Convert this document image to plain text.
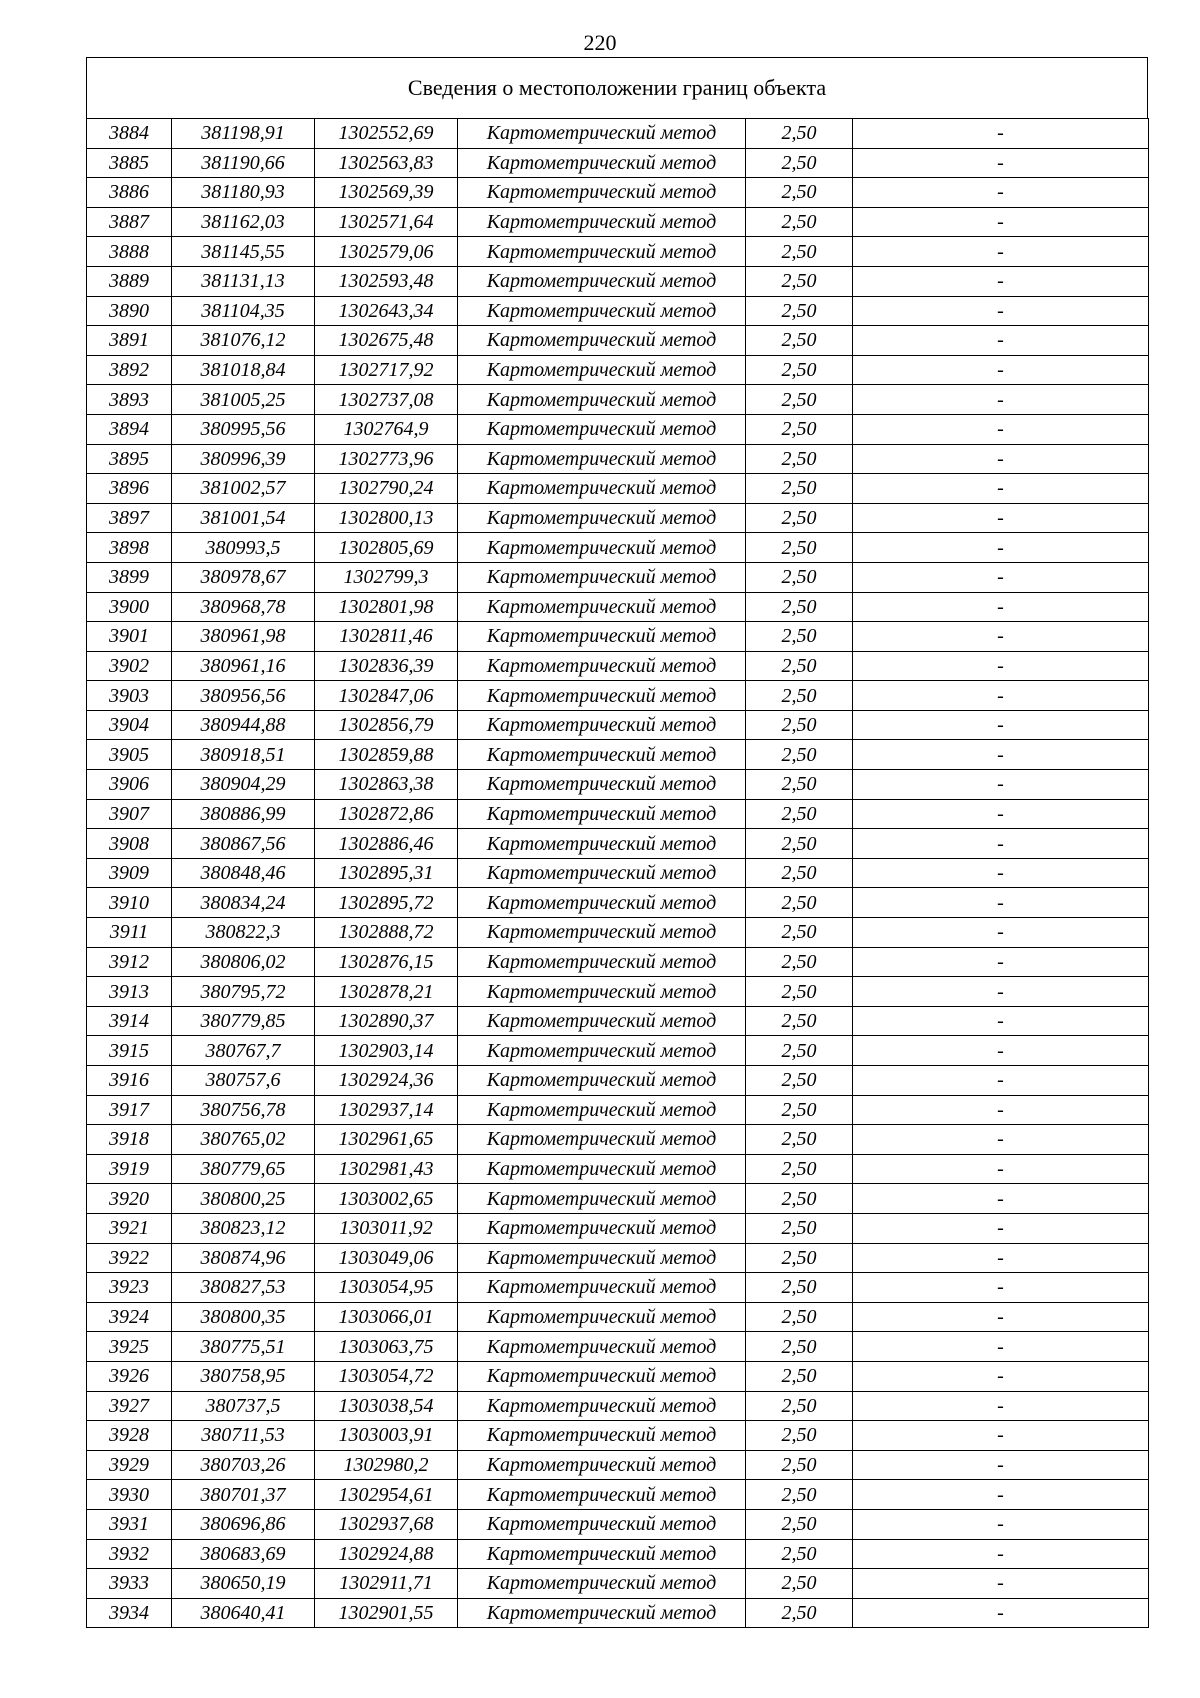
220
Сведения о местоположении границ объекта
3884	381198,91	1302552,69	Картометрический метод	2,50	-
3885	381190,66	1302563,83	Картометрический метод	2,50	-
3886	381180,93	1302569,39	Картометрический метод	2,50	-
3887	381162,03	1302571,64	Картометрический метод	2,50	-
3888	381145,55	1302579,06	Картометрический метод	2,50	-
3889	381131,13	1302593,48	Картометрический метод	2,50	-
3890	381104,35	1302643,34	Картометрический метод	2,50	-
3891	381076,12	1302675,48	Картометрический метод	2,50	-
3892	381018,84	1302717,92	Картометрический метод	2,50	-
3893	381005,25	1302737,08	Картометрический метод	2,50	-
3894	380995,56	1302764,9	Картометрический метод	2,50	-
3895	380996,39	1302773,96	Картометрический метод	2,50	-
3896	381002,57	1302790,24	Картометрический метод	2,50	-
3897	381001,54	1302800,13	Картометрический метод	2,50	-
3898	380993,5	1302805,69	Картометрический метод	2,50	-
3899	380978,67	1302799,3	Картометрический метод	2,50	-
3900	380968,78	1302801,98	Картометрический метод	2,50	-
3901	380961,98	1302811,46	Картометрический метод	2,50	-
3902	380961,16	1302836,39	Картометрический метод	2,50	-
3903	380956,56	1302847,06	Картометрический метод	2,50	-
3904	380944,88	1302856,79	Картометрический метод	2,50	-
3905	380918,51	1302859,88	Картометрический метод	2,50	-
3906	380904,29	1302863,38	Картометрический метод	2,50	-
3907	380886,99	1302872,86	Картометрический метод	2,50	-
3908	380867,56	1302886,46	Картометрический метод	2,50	-
3909	380848,46	1302895,31	Картометрический метод	2,50	-
3910	380834,24	1302895,72	Картометрический метод	2,50	-
3911	380822,3	1302888,72	Картометрический метод	2,50	-
3912	380806,02	1302876,15	Картометрический метод	2,50	-
3913	380795,72	1302878,21	Картометрический метод	2,50	-
3914	380779,85	1302890,37	Картометрический метод	2,50	-
3915	380767,7	1302903,14	Картометрический метод	2,50	-
3916	380757,6	1302924,36	Картометрический метод	2,50	-
3917	380756,78	1302937,14	Картометрический метод	2,50	-
3918	380765,02	1302961,65	Картометрический метод	2,50	-
3919	380779,65	1302981,43	Картометрический метод	2,50	-
3920	380800,25	1303002,65	Картометрический метод	2,50	-
3921	380823,12	1303011,92	Картометрический метод	2,50	-
3922	380874,96	1303049,06	Картометрический метод	2,50	-
3923	380827,53	1303054,95	Картометрический метод	2,50	-
3924	380800,35	1303066,01	Картометрический метод	2,50	-
3925	380775,51	1303063,75	Картометрический метод	2,50	-
3926	380758,95	1303054,72	Картометрический метод	2,50	-
3927	380737,5	1303038,54	Картометрический метод	2,50	-
3928	380711,53	1303003,91	Картометрический метод	2,50	-
3929	380703,26	1302980,2	Картометрический метод	2,50	-
3930	380701,37	1302954,61	Картометрический метод	2,50	-
3931	380696,86	1302937,68	Картометрический метод	2,50	-
3932	380683,69	1302924,88	Картометрический метод	2,50	-
3933	380650,19	1302911,71	Картометрический метод	2,50	-
3934	380640,41	1302901,55	Картометрический метод	2,50	-
